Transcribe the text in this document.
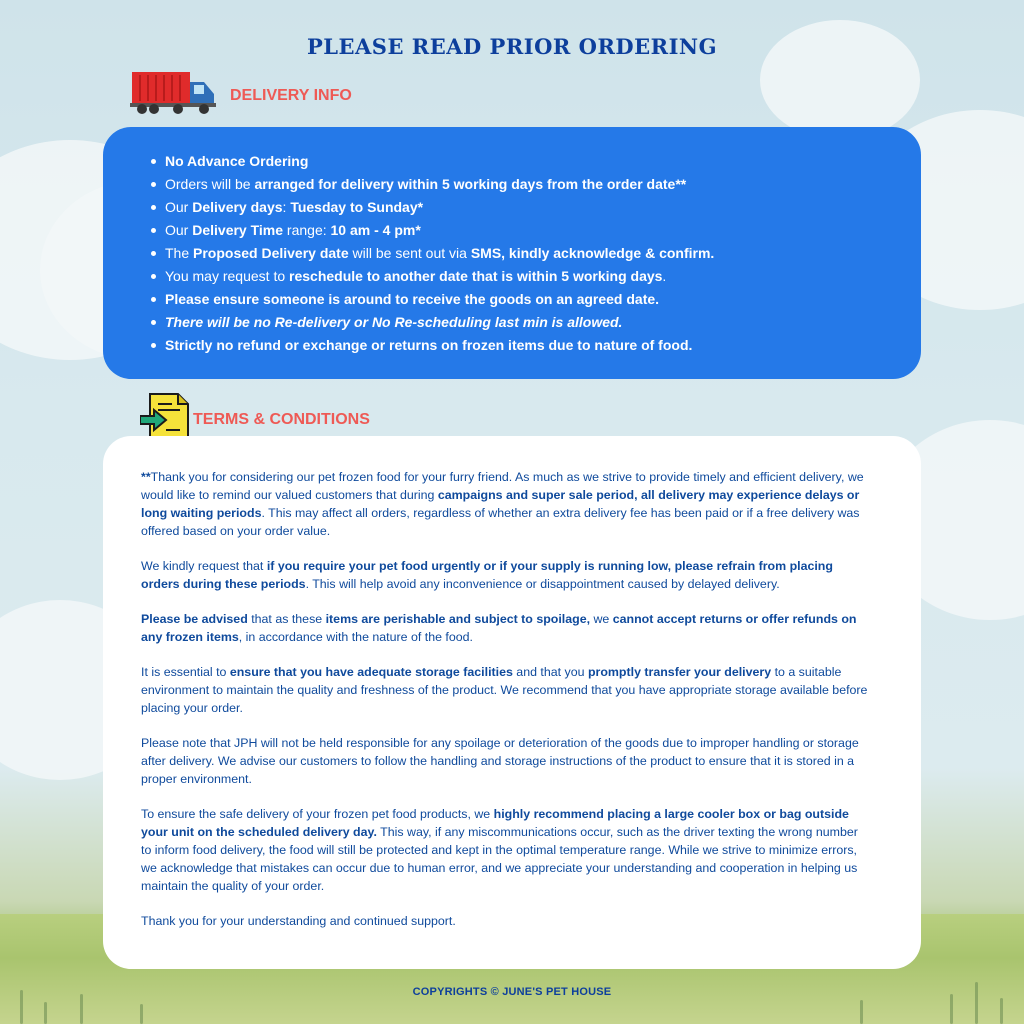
PLEASE READ PRIOR ORDERING
DELIVERY INFO
No Advance Ordering
Orders will be arranged for delivery within 5 working days from the order date**
Our Delivery days: Tuesday to Sunday*
Our Delivery Time range: 10 am - 4 pm*
The Proposed Delivery date will be sent out via SMS, kindly acknowledge & confirm.
You may request to reschedule to another date that is within 5 working days.
Please ensure someone is around to receive the goods on an agreed date.
There will be no Re-delivery or No Re-scheduling last min is allowed.
Strictly no refund or exchange or returns on frozen items due to nature of food.
TERMS & CONDITIONS

**Thank you for considering our pet frozen food for your furry friend. As much as we strive to provide timely and efficient delivery, we would like to remind our valued customers that during campaigns and super sale period, all delivery may experience delays or long waiting periods. This may affect all orders, regardless of whether an extra delivery fee has been paid or if a free delivery was offered based on your order value.

We kindly request that if you require your pet food urgently or if your supply is running low, please refrain from placing orders during these periods. This will help avoid any inconvenience or disappointment caused by delayed delivery.

Please be advised that as these items are perishable and subject to spoilage, we cannot accept returns or offer refunds on any frozen items, in accordance with the nature of the food.

It is essential to ensure that you have adequate storage facilities and that you promptly transfer your delivery to a suitable environment to maintain the quality and freshness of the product. We recommend that you have appropriate storage available before placing your order.

Please note that JPH will not be held responsible for any spoilage or deterioration of the goods due to improper handling or storage after delivery. We advise our customers to follow the handling and storage instructions of the product to ensure that it is stored in a proper environment.

To ensure the safe delivery of your frozen pet food products, we highly recommend placing a large cooler box or bag outside your unit on the scheduled delivery day. This way, if any miscommunications occur, such as the driver texting the wrong number to inform food delivery, the food will still be protected and kept in the optimal temperature range. While we strive to minimize errors, we acknowledge that mistakes can occur due to human error, and we appreciate your understanding and cooperation in helping us maintain the quality of your order.

Thank you for your understanding and continued support.

COPYRIGHTS © JUNE'S PET HOUSE
